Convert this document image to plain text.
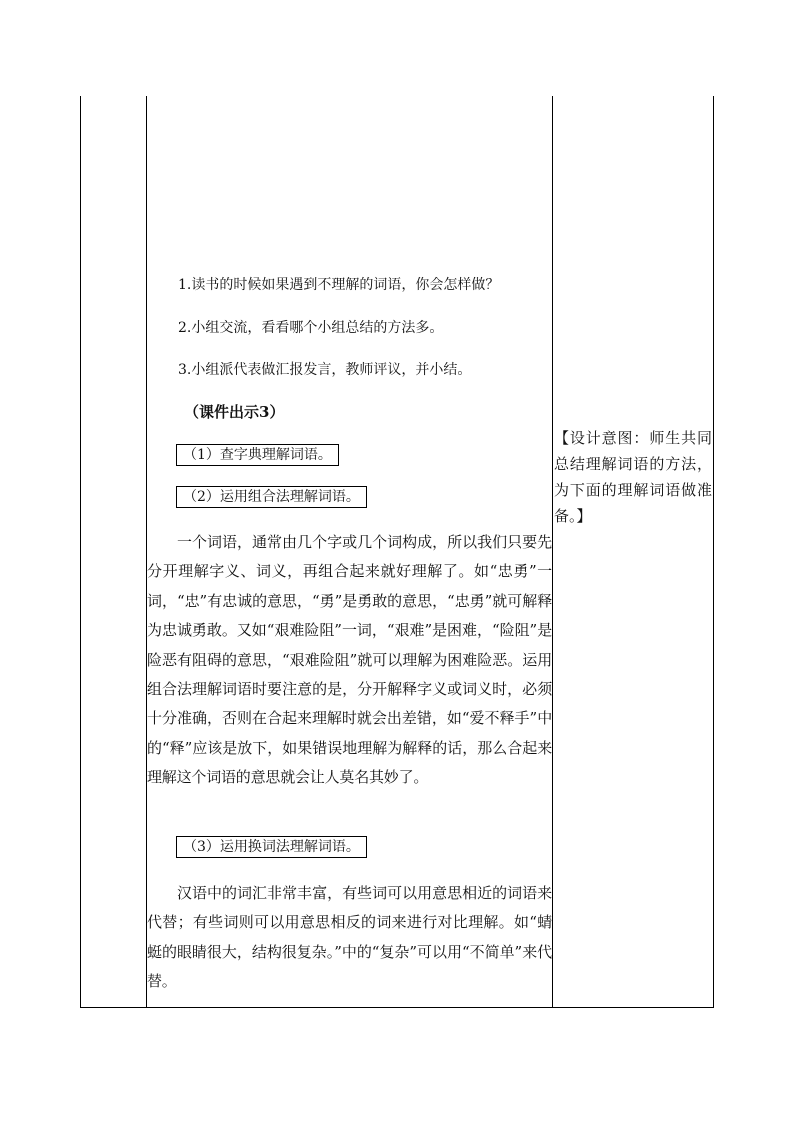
1.读书的时候如果遇到不理解的词语，你会怎样做？
2.小组交流，看看哪个小组总结的方法多。
3.小组派代表做汇报发言，教师评议，并小结。
（课件出示3）
（1）查字典理解词语。
（2）运用组合法理解词语。

一个词语，通常由几个字或几个词构成，所以我们只要先分开理解字义、词义，再组合起来就好理解了。如“忠勇”一词，“忠”有忠诚的意思，“勇”是勇敢的意思，“忠勇”就可解释为忠诚勇敢。又如“艰难险阻”一词，“艰难”是困难，“险阻”是险恶有阻碍的意思，“艰难险阻”就可以理解为困难险恶。运用组合法理解词语时要注意的是，分开解释字义或词义时，必须十分准确，否则在合起来理解时就会出差错，如“爱不释手”中的“释”应该是放下，如果错误地理解为解释的话，那么合起来理解这个词语的意思就会让人莫名其妙了。

（3）运用换词法理解词语。

汉语中的词汇非常丰富，有些词可以用意思相近的词语来代替；有些词则可以用意思相反的词来进行对比理解。如“蜻蜓的眼睛很大，结构很复杂。”中的“复杂”可以用“不简单”来代替。

【设计意图：师生共同总结理解词语的方法，为下面的理解词语做准备。】
